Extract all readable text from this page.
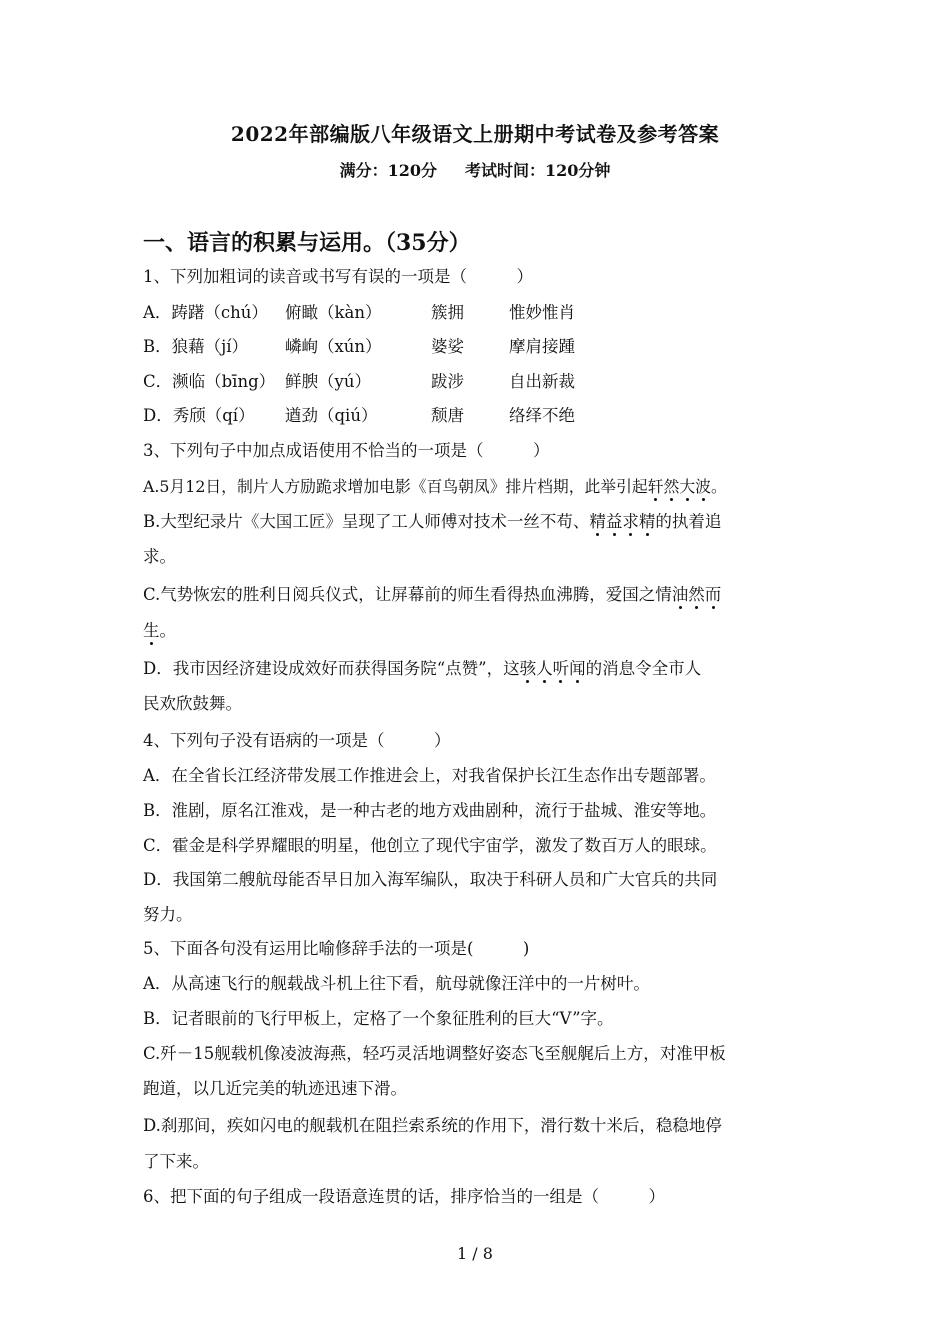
2022年部编版八年级语文上册期中考试卷及参考答案
满分：120分 考试时间：120分钟
一、语言的积累与运用。（35分）
1、下列加粗词的读音或书写有误的一项是（　　　）
A．踌躇（chú） 俯瞰（kàn）	簇拥	惟妙惟肖
B．狼藉（jí） 嶙峋（xún）	婆娑	摩肩接踵
C．濒临（bīng） 鲜腴（yú）	跋涉	自出新裁
D．秀颀（qí） 遒劲（qiú）	颓唐	络绎不绝
3、下列句子中加点成语使用不恰当的一项是（　　　）
A.5月12日，制片人方励跪求增加电影《百鸟朝凤》排片档期，此举引起轩然大波。
B.大型纪录片《大国工匠》呈现了工人师傅对技术一丝不苟、精益求精的执着追
求。
C.气势恢宏的胜利日阅兵仪式，让屏幕前的师生看得热血沸腾，爱国之情油然而
生。
D．我市因经济建设成效好而获得国务院“点赞”，这骇人听闻的消息令全市人
民欢欣鼓舞。
4、下列句子没有语病的一项是（　　　）
A．在全省长江经济带发展工作推进会上，对我省保护长江生态作出专题部署。
B．淮剧，原名江淮戏，是一种古老的地方戏曲剧种，流行于盐城、淮安等地。
C．霍金是科学界耀眼的明星，他创立了现代宇宙学，激发了数百万人的眼球。
D．我国第二艘航母能否早日加入海军编队，取决于科研人员和广大官兵的共同
努力。
5、下面各句没有运用比喻修辞手法的一项是(　　　)
A．从高速飞行的舰载战斗机上往下看，航母就像汪洋中的一片树叶。
B．记者眼前的飞行甲板上，定格了一个象征胜利的巨大“V”字。
C.歼－15舰载机像凌波海燕，轻巧灵活地调整好姿态飞至舰艉后上方，对准甲板
跑道，以几近完美的轨迹迅速下滑。
D.刹那间，疾如闪电的舰载机在阻拦索系统的作用下，滑行数十米后，稳稳地停
了下来。
6、把下面的句子组成一段语意连贯的话，排序恰当的一组是（　　　）
1 / 8
